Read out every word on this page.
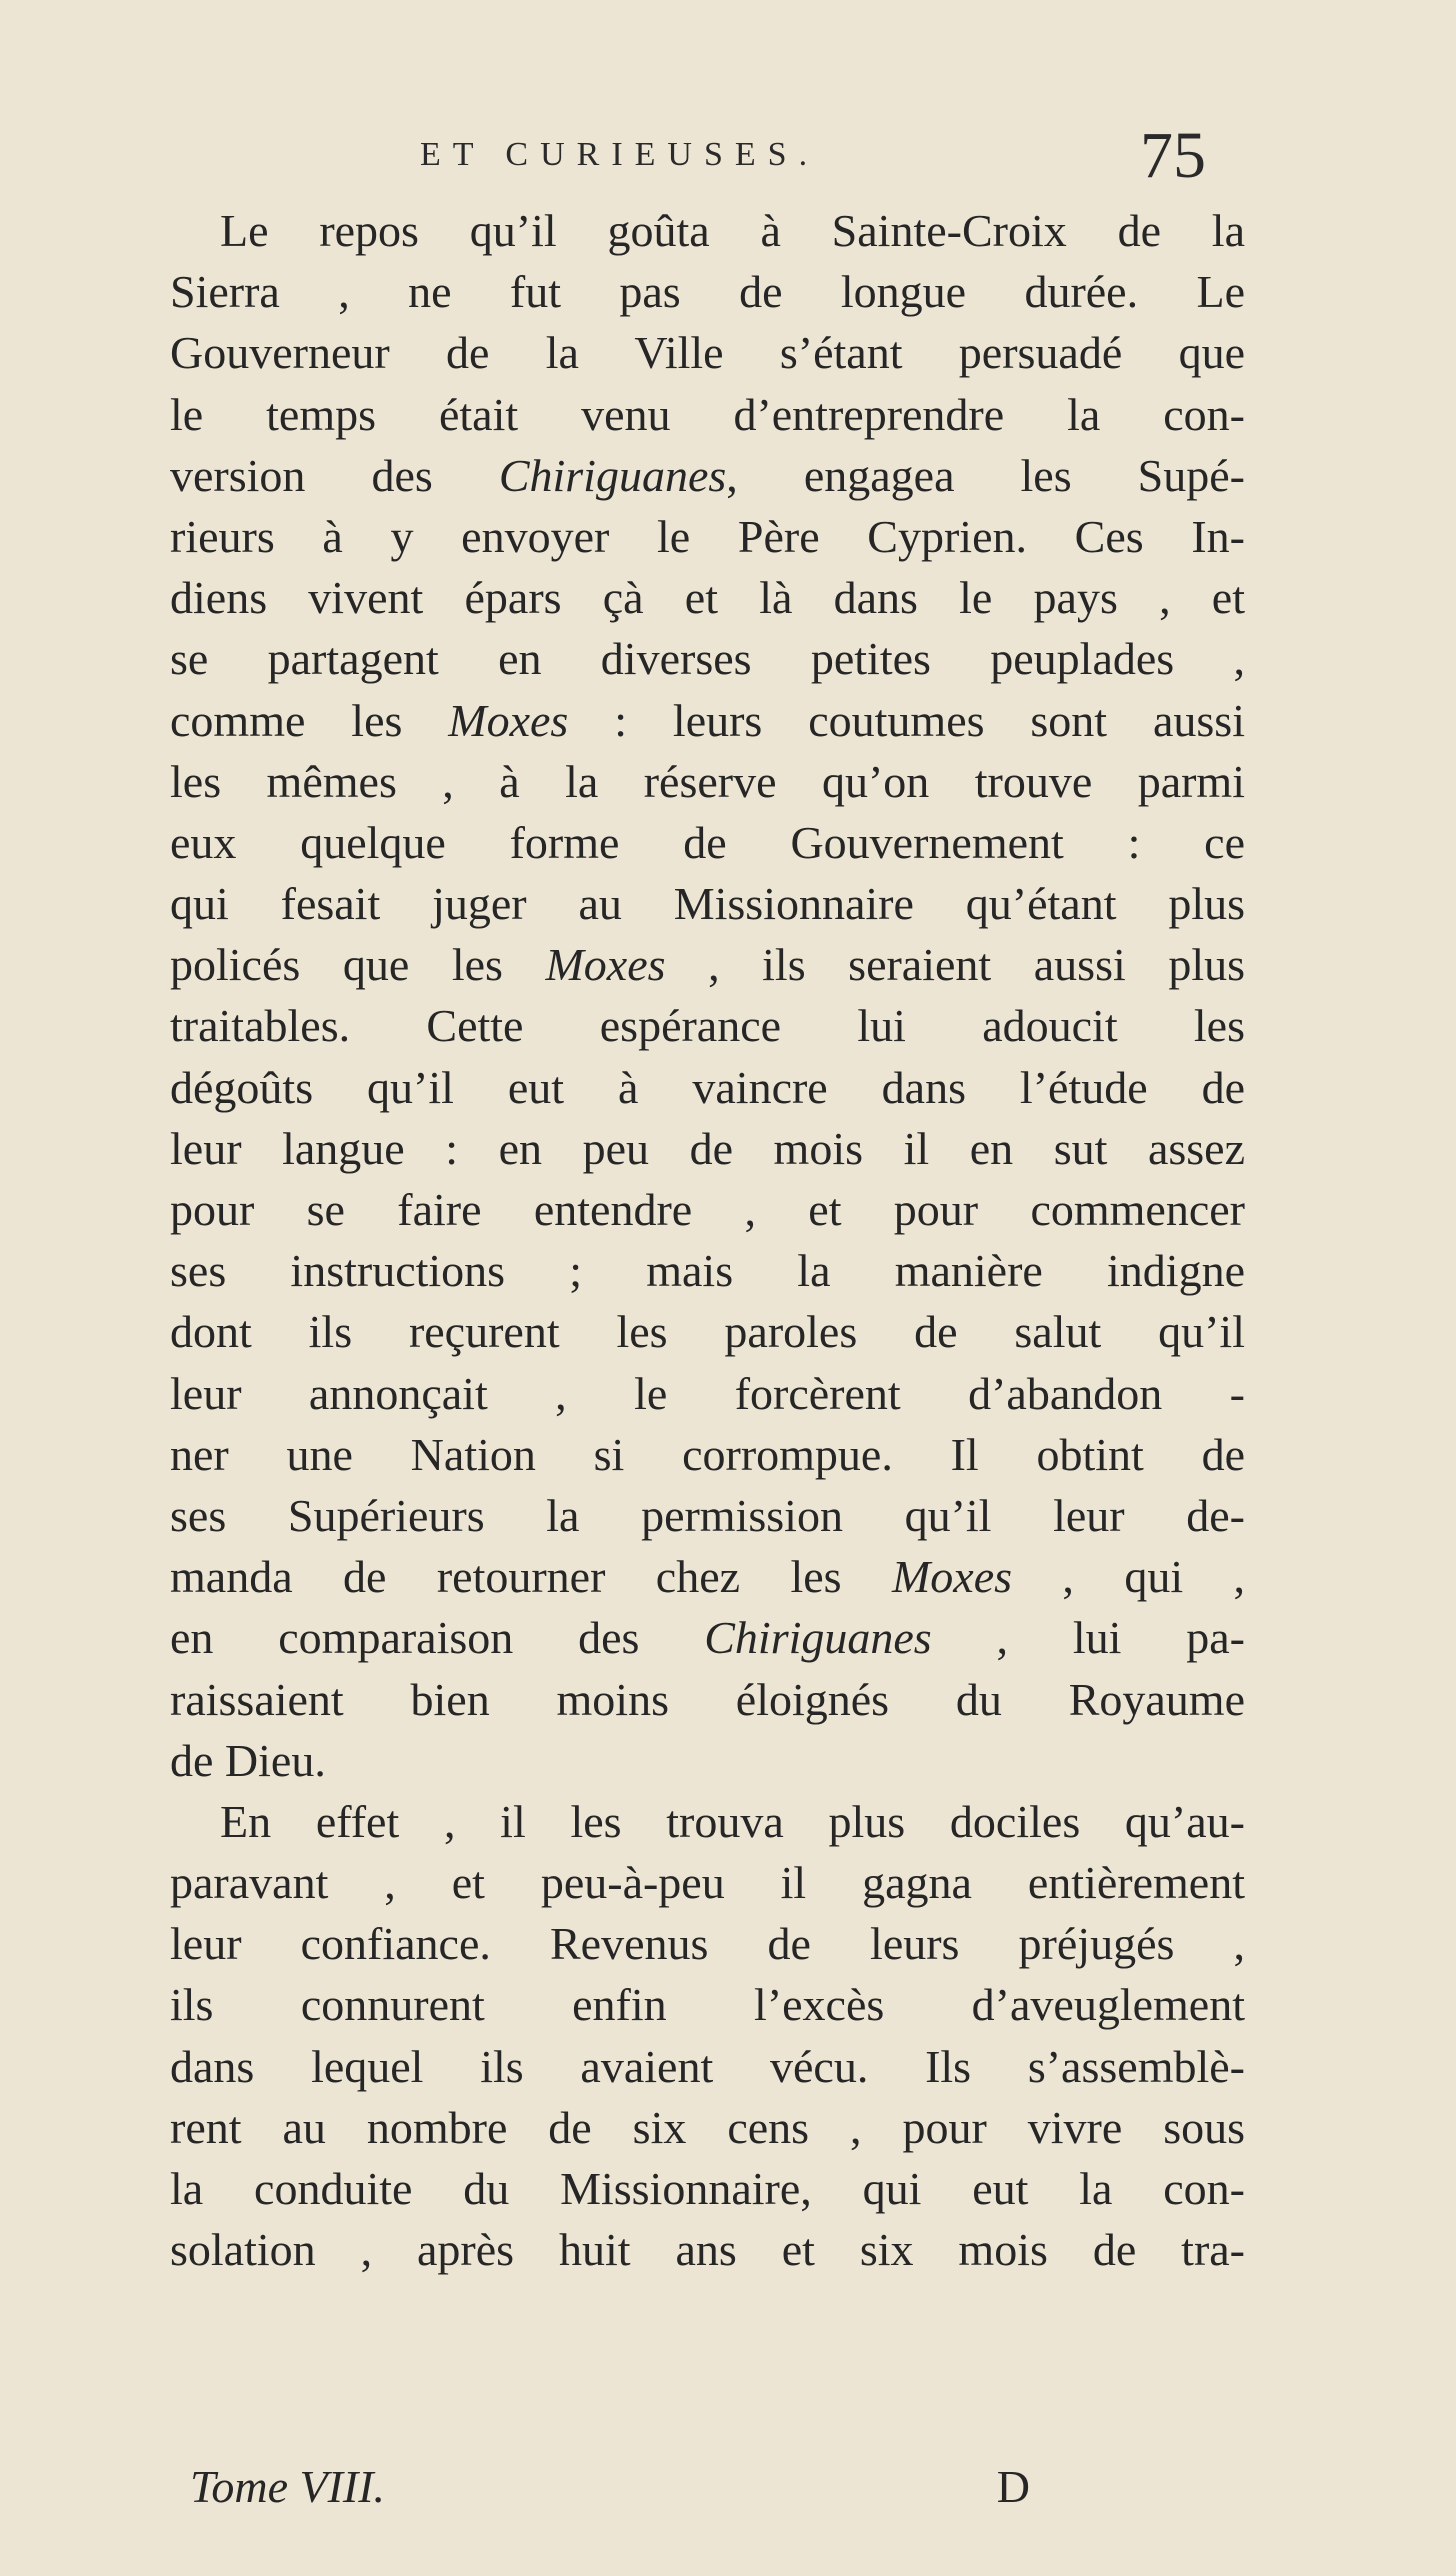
ET CURIEUSES.	75
Le repos qu’il goûta à Sainte-Croix de la
Sierra , ne fut pas de longue durée. Le
Gouverneur de la Ville s’étant persuadé que
le temps était venu d’entreprendre la con-
version des Chiriguanes, engagea les Supé-
rieurs à y envoyer le Père Cyprien. Ces In-
diens vivent épars çà et là dans le pays , et
se partagent en diverses petites peuplades ,
comme les Moxes : leurs coutumes sont aussi
les mêmes , à la réserve qu’on trouve parmi
eux quelque forme de Gouvernement : ce
qui fesait juger au Missionnaire qu’étant plus
policés que les Moxes , ils seraient aussi plus
traitables. Cette espérance lui adoucit les
dégoûts qu’il eut à vaincre dans l’étude de
leur langue : en peu de mois il en sut assez
pour se faire entendre , et pour commencer
ses instructions ; mais la manière indigne
dont ils reçurent les paroles de salut qu’il
leur annonçait , le forcèrent d’abandon -
ner une Nation si corrompue. Il obtint de
ses Supérieurs la permission qu’il leur de-
manda de retourner chez les Moxes , qui ,
en comparaison des Chiriguanes , lui pa-
raissaient bien moins éloignés du Royaume
de Dieu.
En effet , il les trouva plus dociles qu’au-
paravant , et peu-à-peu il gagna entièrement
leur confiance. Revenus de leurs préjugés ,
ils connurent enfin l’excès d’aveuglement
dans lequel ils avaient vécu. Ils s’assemblè-
rent au nombre de six cens , pour vivre sous
la conduite du Missionnaire, qui eut la con-
solation , après huit ans et six mois de tra-
Tome VIII.	D
